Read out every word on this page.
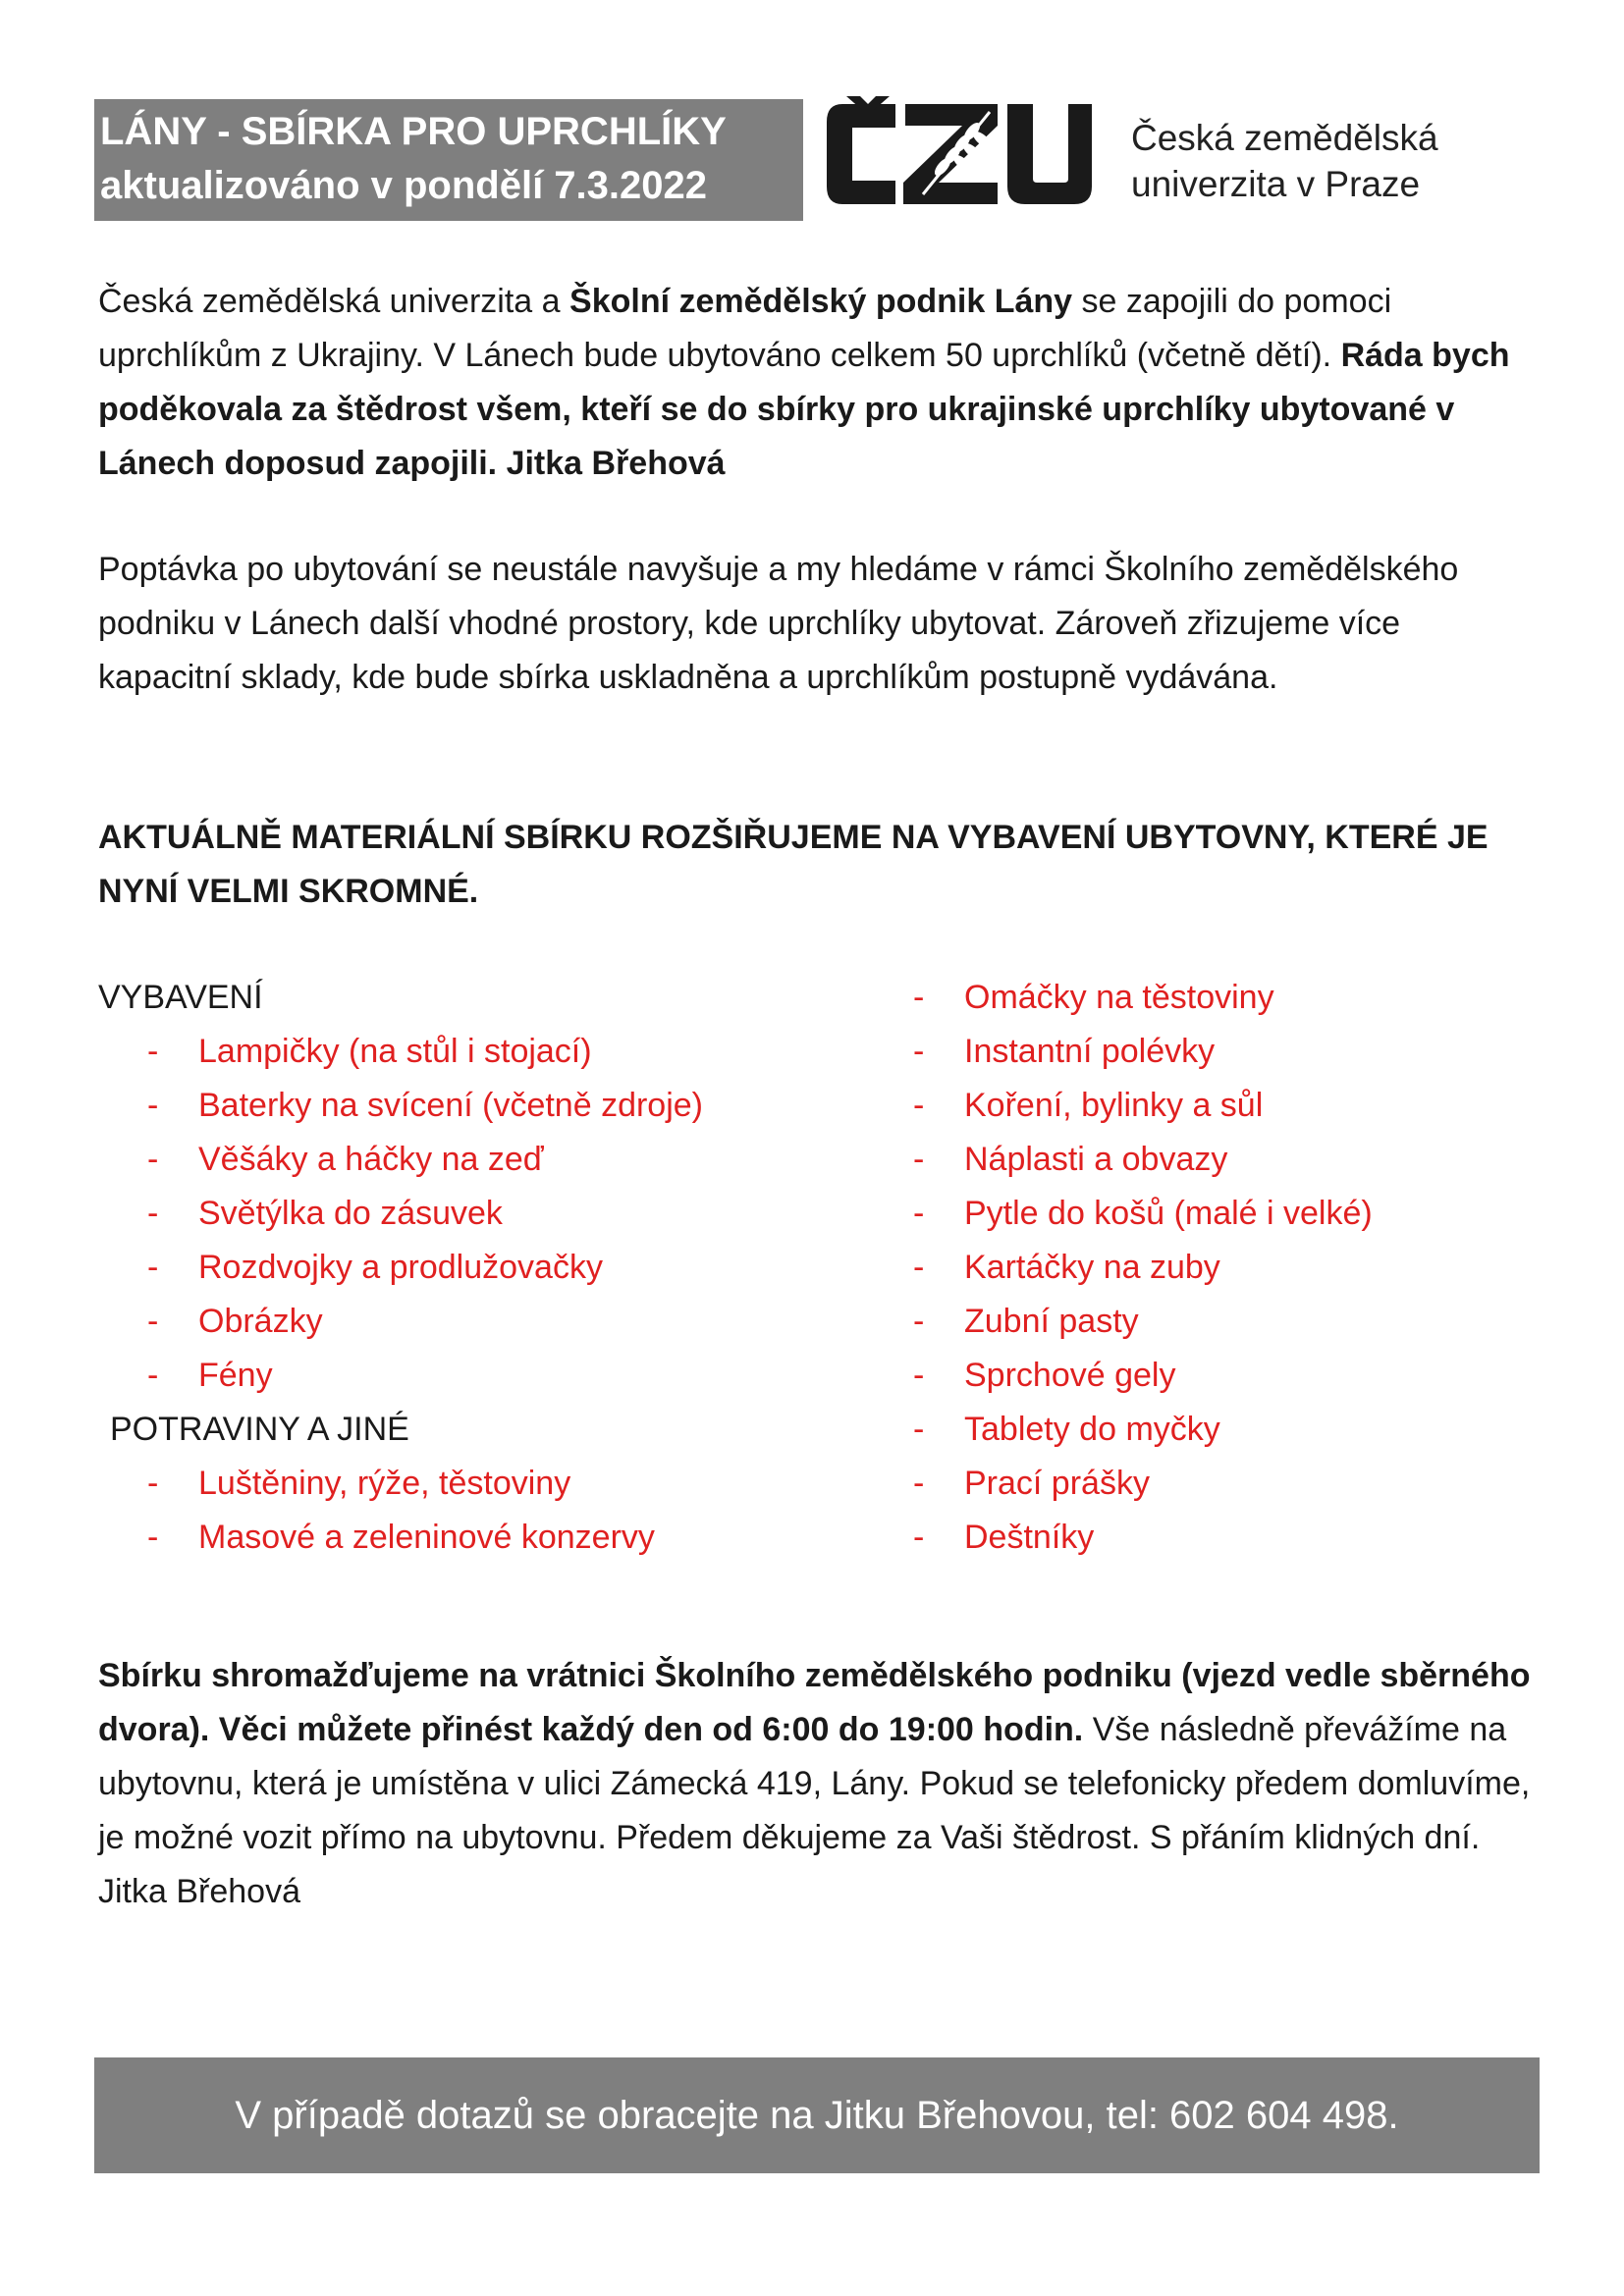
LÁNY - SBÍRKA PRO UPRCHLÍKY
aktualizováno v pondělí 7.3.2022
Česká zemědělská
univerzita v Praze
Česká zemědělská univerzita a Školní zemědělský podnik Lány se zapojili do pomoci uprchlíkům z Ukrajiny. V Lánech bude ubytováno celkem 50 uprchlíků (včetně dětí). Ráda bych poděkovala za štědrost všem, kteří se do sbírky pro ukrajinské uprchlíky ubytované v Lánech doposud zapojili. Jitka Břehová
Poptávka po ubytování se neustále navyšuje a my hledáme v rámci Školního zemědělského podniku v Lánech další vhodné prostory, kde uprchlíky ubytovat. Zároveň zřizujeme více kapacitní sklady, kde bude sbírka uskladněna a uprchlíkům postupně vydávána.
AKTUÁLNĚ MATERIÁLNÍ SBÍRKU ROZŠIŘUJEME NA VYBAVENÍ UBYTOVNY, KTERÉ JE NYNÍ VELMI SKROMNÉ.
VYBAVENÍ
- Lampičky (na stůl i stojací)
- Baterky na svícení (včetně zdroje)
- Věšáky a háčky na zeď
- Světýlka do zásuvek
- Rozdvojky a prodlužovačky
- Obrázky
- Fény
POTRAVINY A JINÉ
- Luštěniny, rýže, těstoviny
- Masové a zeleninové konzervy
- Omáčky na těstoviny
- Instantní polévky
- Koření, bylinky a sůl
- Náplasti a obvazy
- Pytle do košů (malé i velké)
- Kartáčky na zuby
- Zubní pasty
- Sprchové gely
- Tablety do myčky
- Prací prášky
- Deštníky
Sbírku shromažďujeme na vrátnici Školního zemědělského podniku (vjezd vedle sběrného dvora). Věci můžete přinést každý den od 6:00 do 19:00 hodin. Vše následně převážíme na ubytovnu, která je umístěna v ulici Zámecká 419, Lány. Pokud se telefonicky předem domluvíme, je možné vozit přímo na ubytovnu. Předem děkujeme za Vaši štědrost. S přáním klidných dní. Jitka Břehová
V případě dotazů se obracejte na Jitku Břehovou, tel: 602 604 498.
